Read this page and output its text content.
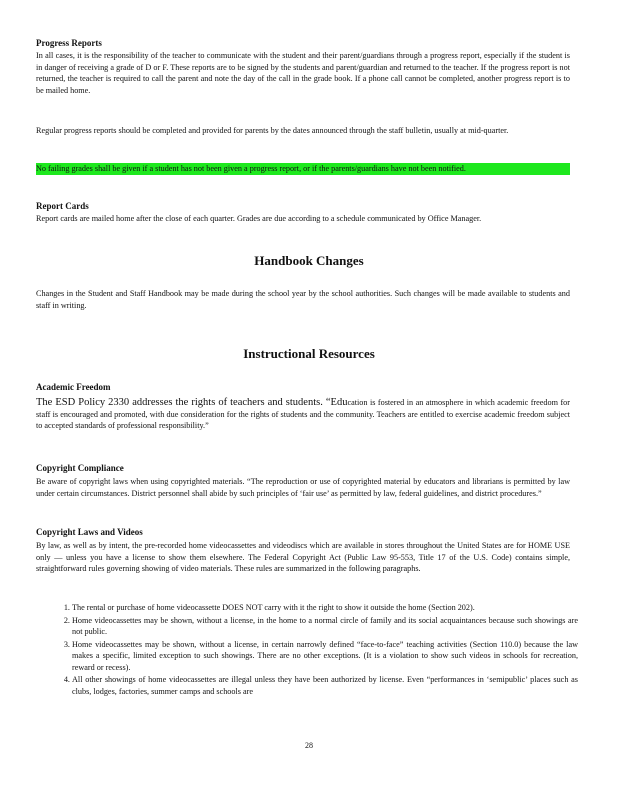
Progress Reports
In all cases, it is the responsibility of the teacher to communicate with the student and their parent/guardians through a progress report, especially if the student is in danger of receiving a grade of D or F. These reports are to be signed by the students and parent/guardian and returned to the teacher. If the progress report is not returned, the teacher is required to call the parent and note the day of the call in the grade book. If a phone call cannot be completed, another progress report is to be mailed home.
Regular progress reports should be completed and provided for parents by the dates announced through the staff bulletin, usually at mid-quarter.
No failing grades shall be given if a student has not been given a progress report, or if the parents/guardians have not been notified.
Report Cards
Report cards are mailed home after the close of each quarter. Grades are due according to a schedule communicated by Office Manager.
Handbook Changes
Changes in the Student and Staff Handbook may be made during the school year by the school authorities. Such changes will be made available to students and staff in writing.
Instructional Resources
Academic Freedom
The ESD Policy 2330 addresses the rights of teachers and students. “Education is fostered in an atmosphere in which academic freedom for staff is encouraged and promoted, with due consideration for the rights of students and the community. Teachers are entitled to exercise academic freedom subject to accepted standards of professional responsibility.”
Copyright Compliance
Be aware of copyright laws when using copyrighted materials. “The reproduction or use of copyrighted material by educators and librarians is permitted by law under certain circumstances. District personnel shall abide by such principles of ‘fair use’ as permitted by law, federal guidelines, and district procedures.”
Copyright Laws and Videos
By law, as well as by intent, the pre-recorded home videocassettes and videodiscs which are available in stores throughout the United States are for HOME USE only — unless you have a license to show them elsewhere. The Federal Copyright Act (Public Law 95-553, Title 17 of the U.S. Code) contains simple, straightforward rules governing showing of video materials. These rules are summarized in the following paragraphs.
1. The rental or purchase of home videocassette DOES NOT carry with it the right to show it outside the home (Section 202).
2. Home videocassettes may be shown, without a license, in the home to a normal circle of family and its social acquaintances because such showings are not public.
3. Home videocassettes may be shown, without a license, in certain narrowly defined “face-to-face” teaching activities (Section 110.0) because the law makes a specific, limited exception to such showings. There are no other exceptions. (It is a violation to show such videos in schools for recreation, reward or recess).
4. All other showings of home videocassettes are illegal unless they have been authorized by license. Even “performances in ‘semipublic’ places such as clubs, lodges, factories, summer camps and schools are
28
